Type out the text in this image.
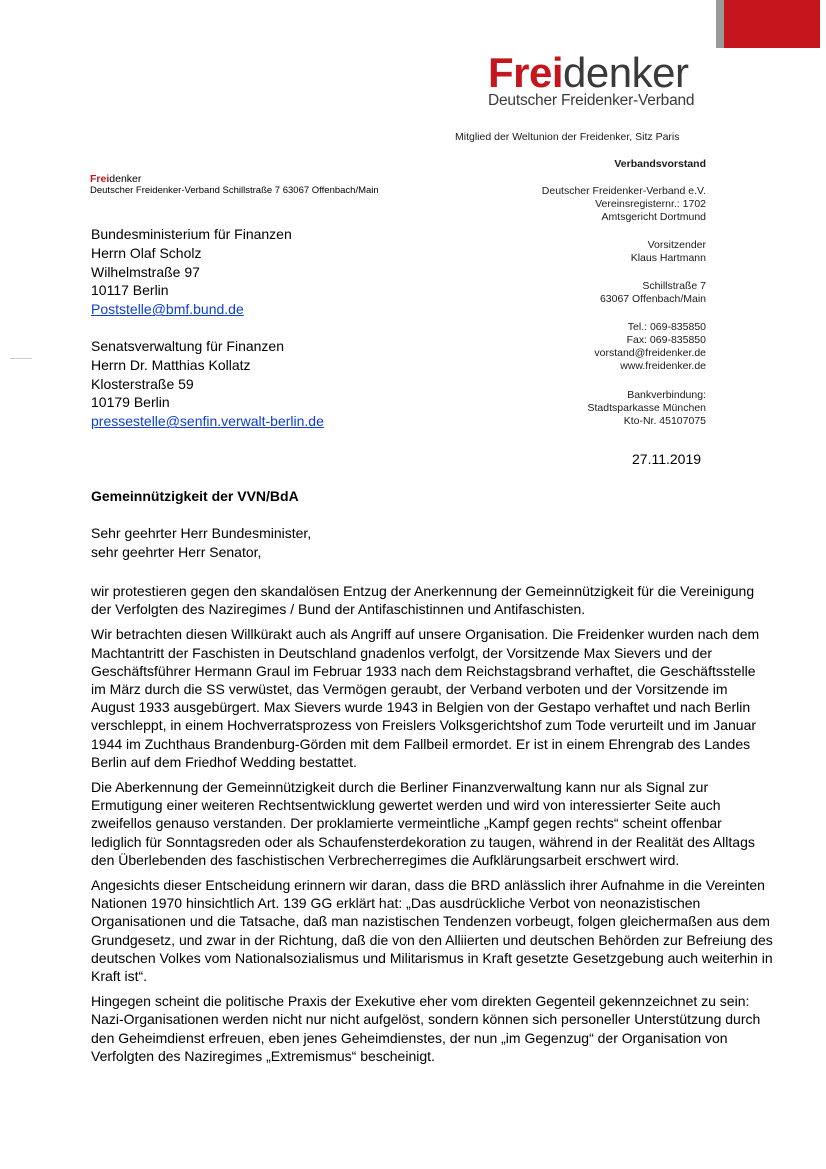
Freidenker
Deutscher Freidenker-Verband
Mitglied der Weltunion der Freidenker, Sitz Paris
Verbandsvorstand
Deutscher Freidenker-Verband e.V.
Vereinsregisternr.: 1702
Amtsgericht Dortmund
Vorsitzender
Klaus Hartmann
Schillstraße 7
63067 Offenbach/Main
Tel.: 069-835850
Fax: 069-835850
vorstand@freidenker.de
www.freidenker.de
Bankverbindung:
Stadtsparkasse München
Kto-Nr. 45107075
Freidenker
Deutscher Freidenker-Verband Schillstraße 7 63067 Offenbach/Main
Bundesministerium für Finanzen
Herrn Olaf Scholz
Wilhelmstraße 97
10117 Berlin
Poststelle@bmf.bund.de
Senatsverwaltung für Finanzen
Herrn Dr. Matthias Kollatz
Klosterstraße 59
10179 Berlin
pressestelle@senfin.verwalt-berlin.de
27.11.2019
Gemeinnützigkeit der VVN/BdA
Sehr geehrter Herr Bundesminister,
sehr geehrter Herr Senator,

wir protestieren gegen den skandalösen Entzug der Anerkennung der Gemeinnützigkeit für die Vereinigung der Verfolgten des Naziregimes / Bund der Antifaschistinnen und Antifaschisten.

Wir betrachten diesen Willkürakt auch als Angriff auf unsere Organisation. Die Freidenker wurden nach dem Machtantritt der Faschisten in Deutschland gnadenlos verfolgt, der Vorsitzende Max Sievers und der Geschäftsführer Hermann Graul im Februar 1933 nach dem Reichstagsbrand verhaftet, die Geschäftsstelle im März durch die SS verwüstet, das Vermögen geraubt, der Verband verboten und der Vorsitzende im August 1933 ausgebürgert. Max Sievers wurde 1943 in Belgien von der Gestapo verhaftet und nach Berlin verschleppt, in einem Hochverratsprozess von Freislers Volksgerichtshof zum Tode verurteilt und im Januar 1944 im Zuchthaus Brandenburg-Görden mit dem Fallbeil ermordet. Er ist in einem Ehrengrab des Landes Berlin auf dem Friedhof Wedding bestattet.

Die Aberkennung der Gemeinnützigkeit durch die Berliner Finanzverwaltung kann nur als Signal zur Ermutigung einer weiteren Rechtsentwicklung gewertet werden und wird von interessierter Seite auch zweifellos genauso verstanden. Der proklamierte vermeintliche „Kampf gegen rechts“ scheint offenbar lediglich für Sonntagsreden oder als Schaufensterdekoration zu taugen, während in der Realität des Alltags den Überlebenden des faschistischen Verbrecherregimes die Aufklärungsarbeit erschwert wird.

Angesichts dieser Entscheidung erinnern wir daran, dass die BRD anlässlich ihrer Aufnahme in die Vereinten Nationen 1970 hinsichtlich Art. 139 GG erklärt hat: „Das ausdrückliche Verbot von neonazistischen Organisationen und die Tatsache, daß man nazistischen Tendenzen vorbeugt, folgen gleichermaßen aus dem Grundgesetz, und zwar in der Richtung, daß die von den Alliierten und deutschen Behörden zur Befreiung des deutschen Volkes vom Nationalsozialismus und Militarismus in Kraft gesetzte Gesetzgebung auch weiterhin in Kraft ist“.

Hingegen scheint die politische Praxis der Exekutive eher vom direkten Gegenteil gekennzeichnet zu sein: Nazi-Organisationen werden nicht nur nicht aufgelöst, sondern können sich personeller Unterstützung durch den Geheimdienst erfreuen, eben jenes Geheimdienstes, der nun „im Gegenzug“ der Organisation von Verfolgten des Naziregimes „Extremismus“ bescheinigt.
